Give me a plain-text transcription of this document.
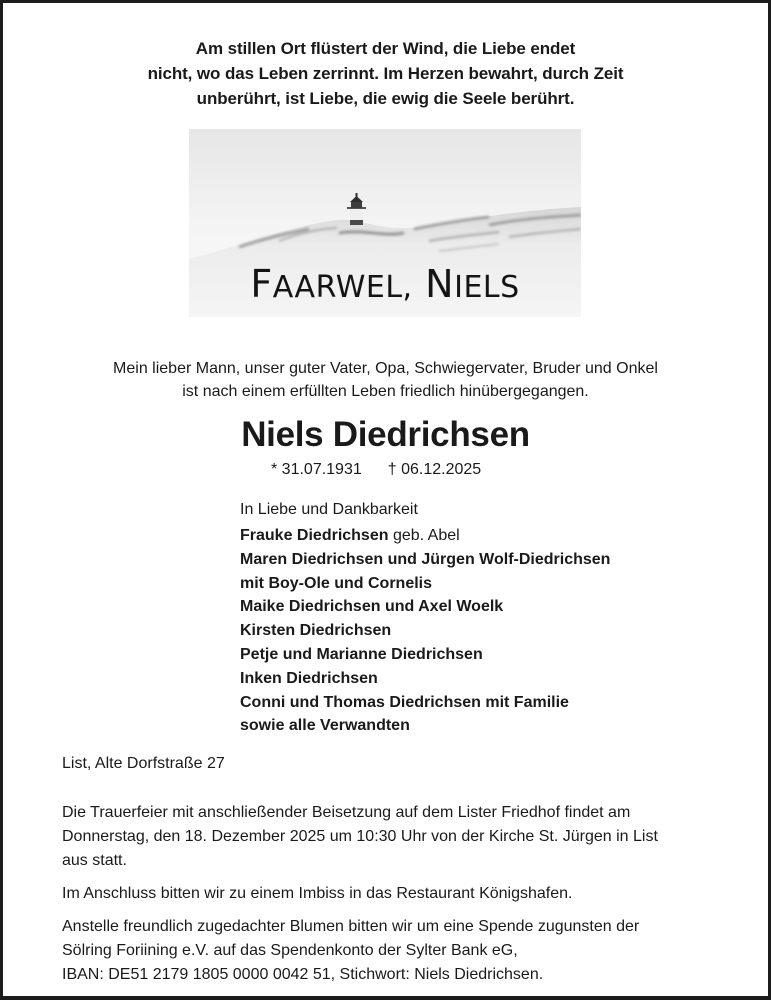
Am stillen Ort flüstert der Wind, die Liebe endet
nicht, wo das Leben zerrinnt. Im Herzen bewahrt, durch Zeit
unberührt, ist Liebe, die ewig die Seele berührt.
FAARWEL, NIELS
Mein lieber Mann, unser guter Vater, Opa, Schwiegervater, Bruder und Onkel
ist nach einem erfüllten Leben friedlich hinübergegangen.
Niels Diedrichsen
* 31.07.1931 † 06.12.2025
In Liebe und Dankbarkeit
Frauke Diedrichsen geb. Abel
Maren Diedrichsen und Jürgen Wolf-Diedrichsen
mit Boy-Ole und Cornelis
Maike Diedrichsen und Axel Woelk
Kirsten Diedrichsen
Petje und Marianne Diedrichsen
Inken Diedrichsen
Conni und Thomas Diedrichsen mit Familie
sowie alle Verwandten
List, Alte Dorfstraße 27

Die Trauerfeier mit anschließender Beisetzung auf dem Lister Friedhof findet am
Donnerstag, den 18. Dezember 2025 um 10:30 Uhr von der Kirche St. Jürgen in List
aus statt.

Im Anschluss bitten wir zu einem Imbiss in das Restaurant Königshafen.

Anstelle freundlich zugedachter Blumen bitten wir um eine Spende zugunsten der
Sölring Foriining e.V. auf das Spendenkonto der Sylter Bank eG,
IBAN: DE51 2179 1805 0000 0042 51, Stichwort: Niels Diedrichsen.
